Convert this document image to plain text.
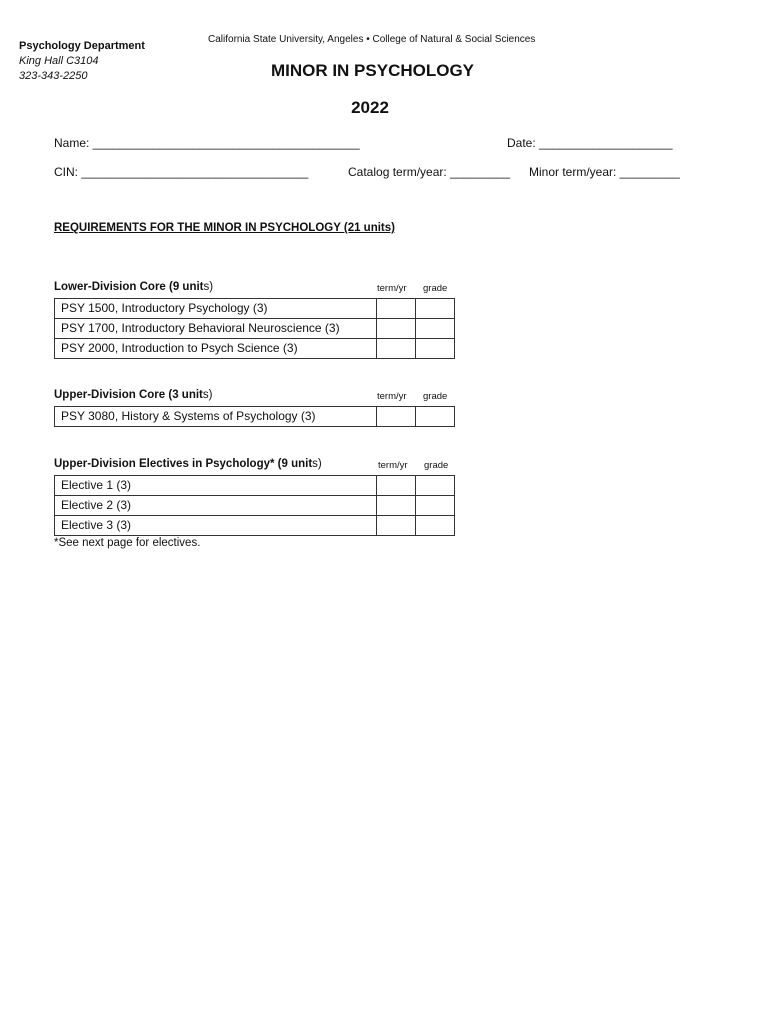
Psychology Department
King Hall C3104
323-343-2250
California State University, Angeles • College of Natural & Social Sciences
MINOR IN PSYCHOLOGY
2022
Name: ________________________________________	Date: ____________________
CIN: __________________________________	Catalog term/year: _________ Minor term/year: _________
REQUIREMENTS FOR THE MINOR IN PSYCHOLOGY (21 units)
Lower-Division Core (9 units)	term/yr grade
PSY 1500, Introductory Psychology (3)		
PSY 1700, Introductory Behavioral Neuroscience (3)		
PSY 2000, Introduction to Psych Science (3)		
Upper-Division Core (3 units)	term/yr grade
PSY 3080, History & Systems of Psychology (3)		
Upper-Division Electives in Psychology* (9 units)	term/yr grade
Elective 1 (3)		
Elective 2 (3)		
Elective 3 (3)		
*See next page for electives.
